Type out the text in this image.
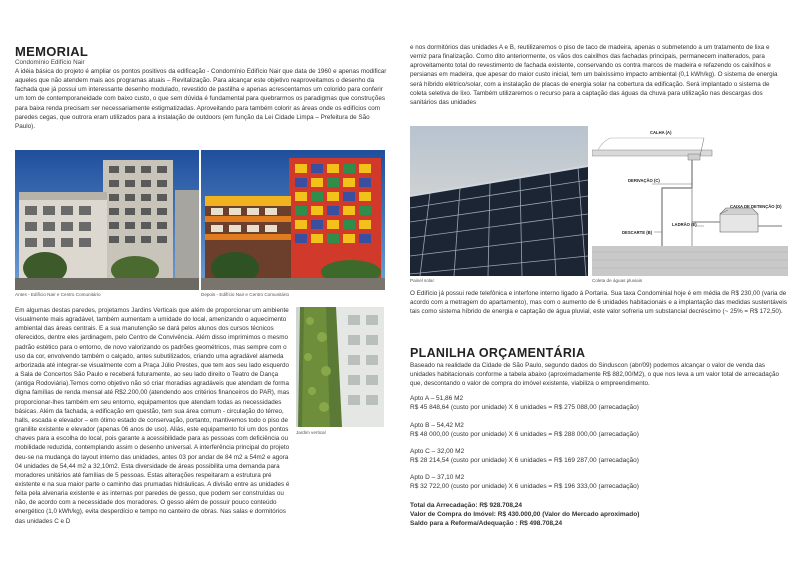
MEMORIAL
Condomínio Edifício Nair
A idéia básica do projeto é ampliar os pontos positivos da edificação - Condomínio Edifício Nair que data de 1960 e apenas modificar aqueles que não atendem mais aos programas atuais – Revitalização. Para alcançar este objetivo reaproveitamos o desenho da fachada que já possui um interessante desenho modulado, revestido de pastilha e apenas acrescentamos um colorido para conferir um tom de contemporaneidade com baixo custo, o que sem dúvida é fundamental para quebrarmos os paradigmas que construções para baixa renda precisam ser necessariamente estigmatizadas. Aproveitando para também colorir as áreas onde os edifícios com paredes cegas, que outrora eram utilizados para a instalação de outdoors (em função da Lei Cidade Limpa – Prefeitura de São Paulo).
Antes - Edifício Nair e Centro Comunitário	Depois - Edifício Nair e Centro Comunitário
Em algumas destas paredes, projetamos Jardins Verticais que além de proporcionar um ambiente visualmente mais agradável, também aumentam a umidade do local, amenizando o aquecimento ambiental das áreas centrais. E a sua manutenção se dará pelos alunos dos cursos técnicos oferecidos, dentre eles jardinagem, pelo Centro de Convivência. Além disso imprimimos o mesmo padrão estético para o entorno, de novo valorizando os padrões geométricos, mas sempre com o uso da cor, envolvendo também o calçado, antes subutilizados, criando uma agradável alameda arborizada até integrar-se visualmente com a Praça Júlio Prestes, que tem aos seu lado esquerdo a Sala de Concertos São Paulo e receberá futuramente, ao seu lado direito o Teatro de Dança (antiga Rodoviária).Temos como objetivo não só criar moradias agradáveis que atendam de forma digna famílias de renda mensal até R$2.200,00 (atendendo aos critérios financeiros do PAR), mas proporcionar-lhes também em seu entorno, equipamentos que atendam todas as necessidades básicas. Além da fachada, a edificação em questão, tem sua área comum - circulação do térreo, halls, escada e elevador – em ótimo estado de conservação, portanto, mantivemos todo o piso de granilite existente e elevador (apenas 06 anos de uso). Aliás, este equipamento foi um dos pontos chaves para a escolha do local, pois garante a acessibilidade para as pessoas com deficiência ou mobilidade reduzida, contemplando assim o desenho universal. A interferência principal do projeto deu-se na mudança do layout interno das unidades, antes 03 por andar de 84 m2 a 54m2 e agora 04 unidades de 54,44 m2 a 32,10m2. Esta diversidade de áreas possibilita uma demanda para moradores unitários até famílias de 5 pessoas. Estas alterações respeitaram a estrutura pré existente e na sua maior parte o caminho das prumadas hidráulicas. A divisão entre as unidades é feita pela alvenaria existente e as internas por paredes de gesso, que podem ser construídas ou não, de acordo com a necessidade dos moradores. O gesso além de possuir pouco conteúdo energético (1,0 kWh/kg), evita desperdício e tempo no canteiro de obras. Nas salas e dormitórios das unidades C e D
Jardim vertical
e nos dormitórios das unidades A e B, reutilizaremos o piso de taco de madeira, apenas o submetendo a um tratamento de lixa e verniz para finalização. Como dito anteriormente, os vãos dos caixilhos das fachadas principais, permanecem inalterados, para aproveitamento total do revestimento de fachada existente, conservando os contra marcos de madeira e refazendo os caixilhos e persianas em madeira, que apesar do maior custo inicial, tem um baixíssimo impacto ambiental (0,1 kWh/kg). O sistema de energia será híbrido elétrico/solar, com a instalação de placas de energia solar na cobertura da edificação. Será implantado o sistema de coleta seletiva de lixo. Também utilizaremos o recurso para a captação das águas da chuva para utilização nas descargas dos sanitários das unidades
Painel solar
CALHA (A)
DERIVAÇÃO (C)
CAIXA DE DETENÇÃO (D)
LADRÃO (E)
DESCARTE (B)
Coleta de águas pluviais
O Edifício já possui rede telefônica e interfone interno ligado à Portaria. Sua taxa Condominial hoje é em média de R$ 230,00 (varia de acordo com a metragem do apartamento), mas com o aumento de 6 unidades habitacionais e a implantação das medidas sustentáveis tais como sistema híbrido de energia e captação de água pluvial, este valor sofreria um substancial decréscimo (~ 25% = R$ 172,50).
PLANILHA ORÇAMENTÁRIA
Baseado na realidade da Cidade de São Paulo, segundo dados do Sinduscon (abr/09) podemos alcançar o valor de venda das unidades habitacionais conforme a tabela abaixo (aproximadamente R$ 882,00/M2), o que nos leva a um valor total de arrecadação que, descontando o valor de compra do imóvel existente, viabiliza o empreendimento.
Apto A – 51,86 M2
R$ 45 848,64 (custo por unidade) X 6 unidades = R$ 275 088,00 (arrecadação)
Apto B – 54,42 M2
R$ 48 000,00 (custo por unidade) X 6 unidades = R$ 288 000,00 (arrecadação)
Apto C – 32,00 M2
R$ 28 214,54 (custo por unidade) X 6 unidades = R$ 169 287,00 (arrecadação)
Apto D – 37,10 M2
R$ 32 722,00 (custo por unidade) X 6 unidades = R$ 196 333,00 (arrecadação)
Total da Arrecadação: R$ 928.708,24
Valor de Compra do Imóvel: R$ 430.000,00 (Valor do Mercado aproximado)
Saldo para a Reforma/Adequação : R$ 498.708,24
